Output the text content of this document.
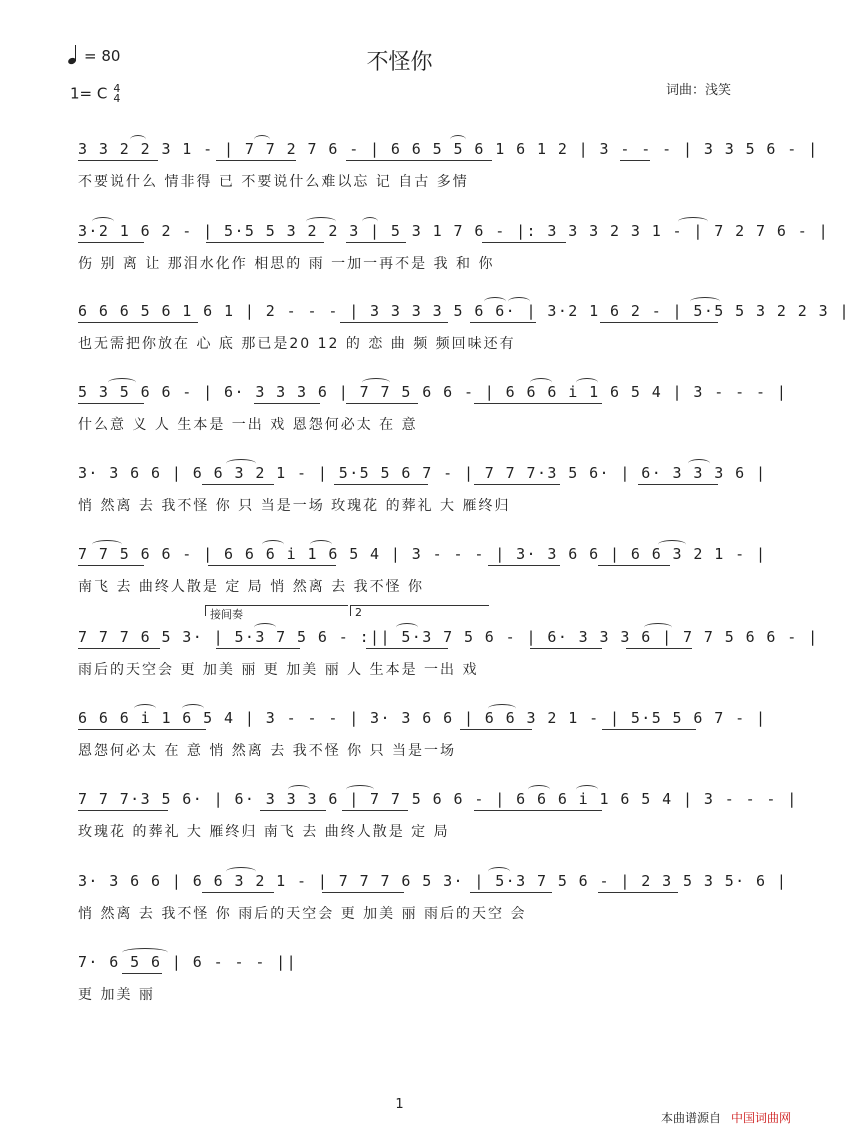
= 80	不怪你
1= C 4
4
词曲：浅笑
3 3 2 2 3 1 - | 7 7 2 7 6 - | 6 6 5 5 6 1 6 1 2 | 3 - - - | 3 3 5 6 - |
不要说什么 情非得 已 不要说什么难以忘 记 自古 多情
3·2 1 6 2 - | 5·5 5 3 2 2 3 | 5 3 1 7 6 - |: 3 3 3 2 3 1 - | 7 2 7 6 - |
伤 别 离 让 那泪水化作 相思的 雨 一加一再不是 我 和 你
6 6 6 5 6 1 6 1 | 2 - - - | 3 3 3 3 5 6 6· | 3·2 1 6 2 - | 5·5 5 3 2 2 3 |
也无需把你放在 心 底 那已是20 12 的 恋 曲 频 频回味还有
5 3 5 6 6 - | 6· 3 3 3 6 | 7 7 5 6 6 - | 6 6 6 i 1 6 5 4 | 3 - - - |
什么意 义 人 生本是 一出 戏 恩怨何必太 在 意
3· 3 6 6 | 6 6 3 2 1 - | 5·5 5 6 7 - | 7 7 7·3 5 6· | 6· 3 3 3 6 |
悄 然离 去 我不怪 你 只 当是一场 玫瑰花 的葬礼 大 雁终归
7 7 5 6 6 - | 6 6 6 i 1 6 5 4 | 3 - - - | 3· 3 6 6 | 6 6 3 2 1 - |
南飞 去 曲终人散是 定 局 悄 然离 去 我不怪 你
接间奏	2
7 7 7 6 5 3· | 5·3 7 5 6 - :|| 5·3 7 5 6 - | 6· 3 3 3 6 | 7 7 5 6 6 - |
雨后的天空会 更 加美 丽 更 加美 丽 人 生本是 一出 戏
6 6 6 i 1 6 5 4 | 3 - - - | 3· 3 6 6 | 6 6 3 2 1 - | 5·5 5 6 7 - |
恩怨何必太 在 意 悄 然离 去 我不怪 你 只 当是一场
7 7 7·3 5 6· | 6· 3 3 3 6 | 7 7 5 6 6 - | 6 6 6 i 1 6 5 4 | 3 - - - |
玫瑰花 的葬礼 大 雁终归 南飞 去 曲终人散是 定 局
3· 3 6 6 | 6 6 3 2 1 - | 7 7 7 6 5 3· | 5·3 7 5 6 - | 2 3 5 3 5· 6 |
悄 然离 去 我不怪 你 雨后的天空会 更 加美 丽 雨后的天空 会
7· 6 5 6 | 6 - - - ||
更 加美 丽
1
本曲谱源自 中国词曲网
